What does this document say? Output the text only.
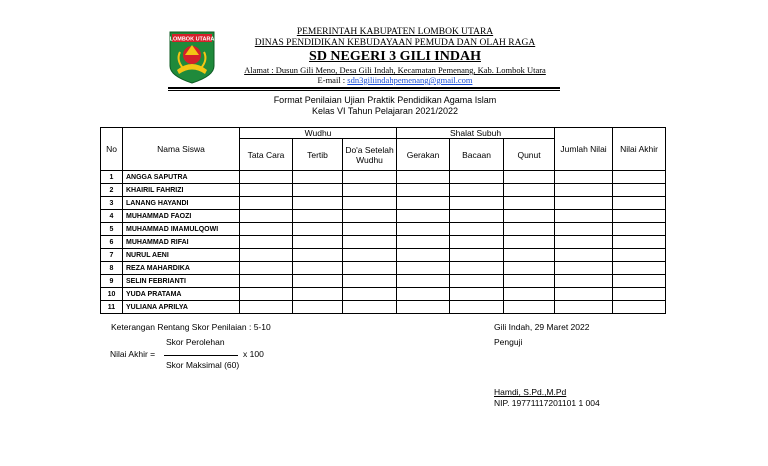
LOMBOK UTARA
PEMERINTAH KABUPATEN LOMBOK UTARA
DINAS PENDIDIKAN KEBUDAYAAN PEMUDA DAN OLAH RAGA
SD NEGERI 3 GILI INDAH
Alamat : Dusun Gili Meno, Desa Gili Indah, Kecamatan Pemenang, Kab. Lombok Utara
E-mail : sdn3giliindahpemenang@gmail.com
Format Penilaian Ujian Praktik Pendidikan Agama Islam
Kelas VI Tahun Pelajaran 2021/2022
No	Nama Siswa	Wudhu			Shalat Subuh			Jumlah Nilai	Nilai Akhir
		Tata Cara	Tertib	Do'a Setelah Wudhu	Gerakan	Bacaan	Qunut		
1	ANGGA SAPUTRA								
2	KHAIRIL FAHRIZI								
3	LANANG HAYANDI								
4	MUHAMMAD FAOZI								
5	MUHAMMAD IMAMULQOWI								
6	MUHAMMAD RIFAI								
7	NURUL AENI								
8	REZA MAHARDIKA								
9	SELIN FEBRIANTI								
10	YUDA PRATAMA								
11	YULIANA APRILYA								
Keterangan Rentang Skor Penilaian : 5-10
Skor Perolehan
Nilai Akhir =	x 100
Skor Maksimal (60)
Gili Indah, 29 Maret 2022
Penguji
Hamdi, S.Pd.,M.Pd
NIP. 19771117201101 1 004
